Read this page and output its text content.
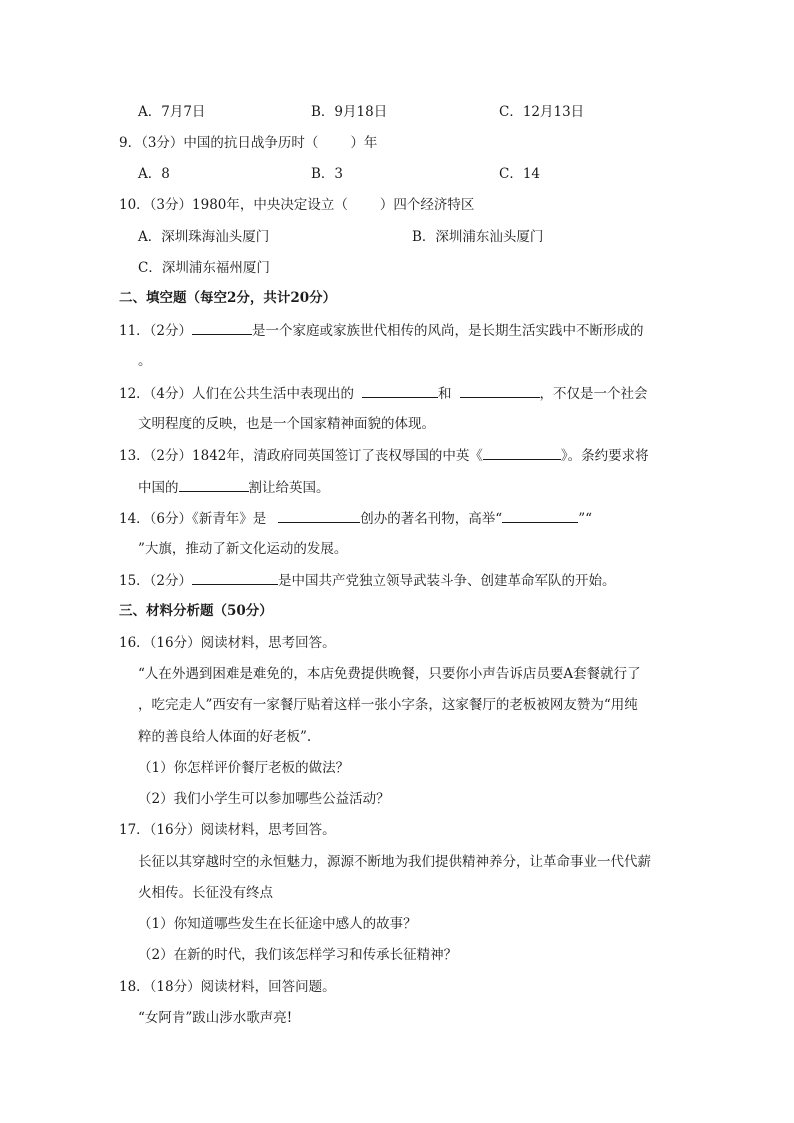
A．7月7日	B．9月18日	C．12月13日
9．（3分）中国的抗日战争历时（ ）年
A．8	B．3	C．14
10．（3分）1980年，中央决定设立（ ）四个经济特区
A．深圳珠海汕头厦门	B．深圳浦东汕头厦门
C．深圳浦东福州厦门
二、填空题（每空2分，共计20分）
11．（2分）	是一个家庭或家族世代相传的风尚，是长期生活实践中不断形成的
。
12．（4分）人们在公共生活中表现出的	和	，不仅是一个社会
文明程度的反映，也是一个国家精神面貌的体现。
13．（2分）1842年，清政府同英国签订了丧权辱国的中英《	》。条约要求将
中国的	割让给英国。
14．（6分）《新青年》是	创办的著名刊物，高举“	”“
”大旗，推动了新文化运动的发展。
15．（2分）	是中国共产党独立领导武装斗争、创建革命军队的开始。
三、材料分析题（50分）
16．（16分）阅读材料，思考回答。
“人在外遇到困难是难免的，本店免费提供晚餐，只要你小声告诉店员要A套餐就行了
，吃完走人”西安有一家餐厅贴着这样一张小字条，这家餐厅的老板被网友赞为“用纯
粹的善良给人体面的好老板”.
（1）你怎样评价餐厅老板的做法？
（2）我们小学生可以参加哪些公益活动？
17．（16分）阅读材料，思考回答。
长征以其穿越时空的永恒魅力，源源不断地为我们提供精神养分，让革命事业一代代薪
火相传。长征没有终点
（1）你知道哪些发生在长征途中感人的故事？
（2）在新的时代，我们该怎样学习和传承长征精神？
18．（18分）阅读材料，回答问题。
“女阿肯”跋山涉水歌声亮!
